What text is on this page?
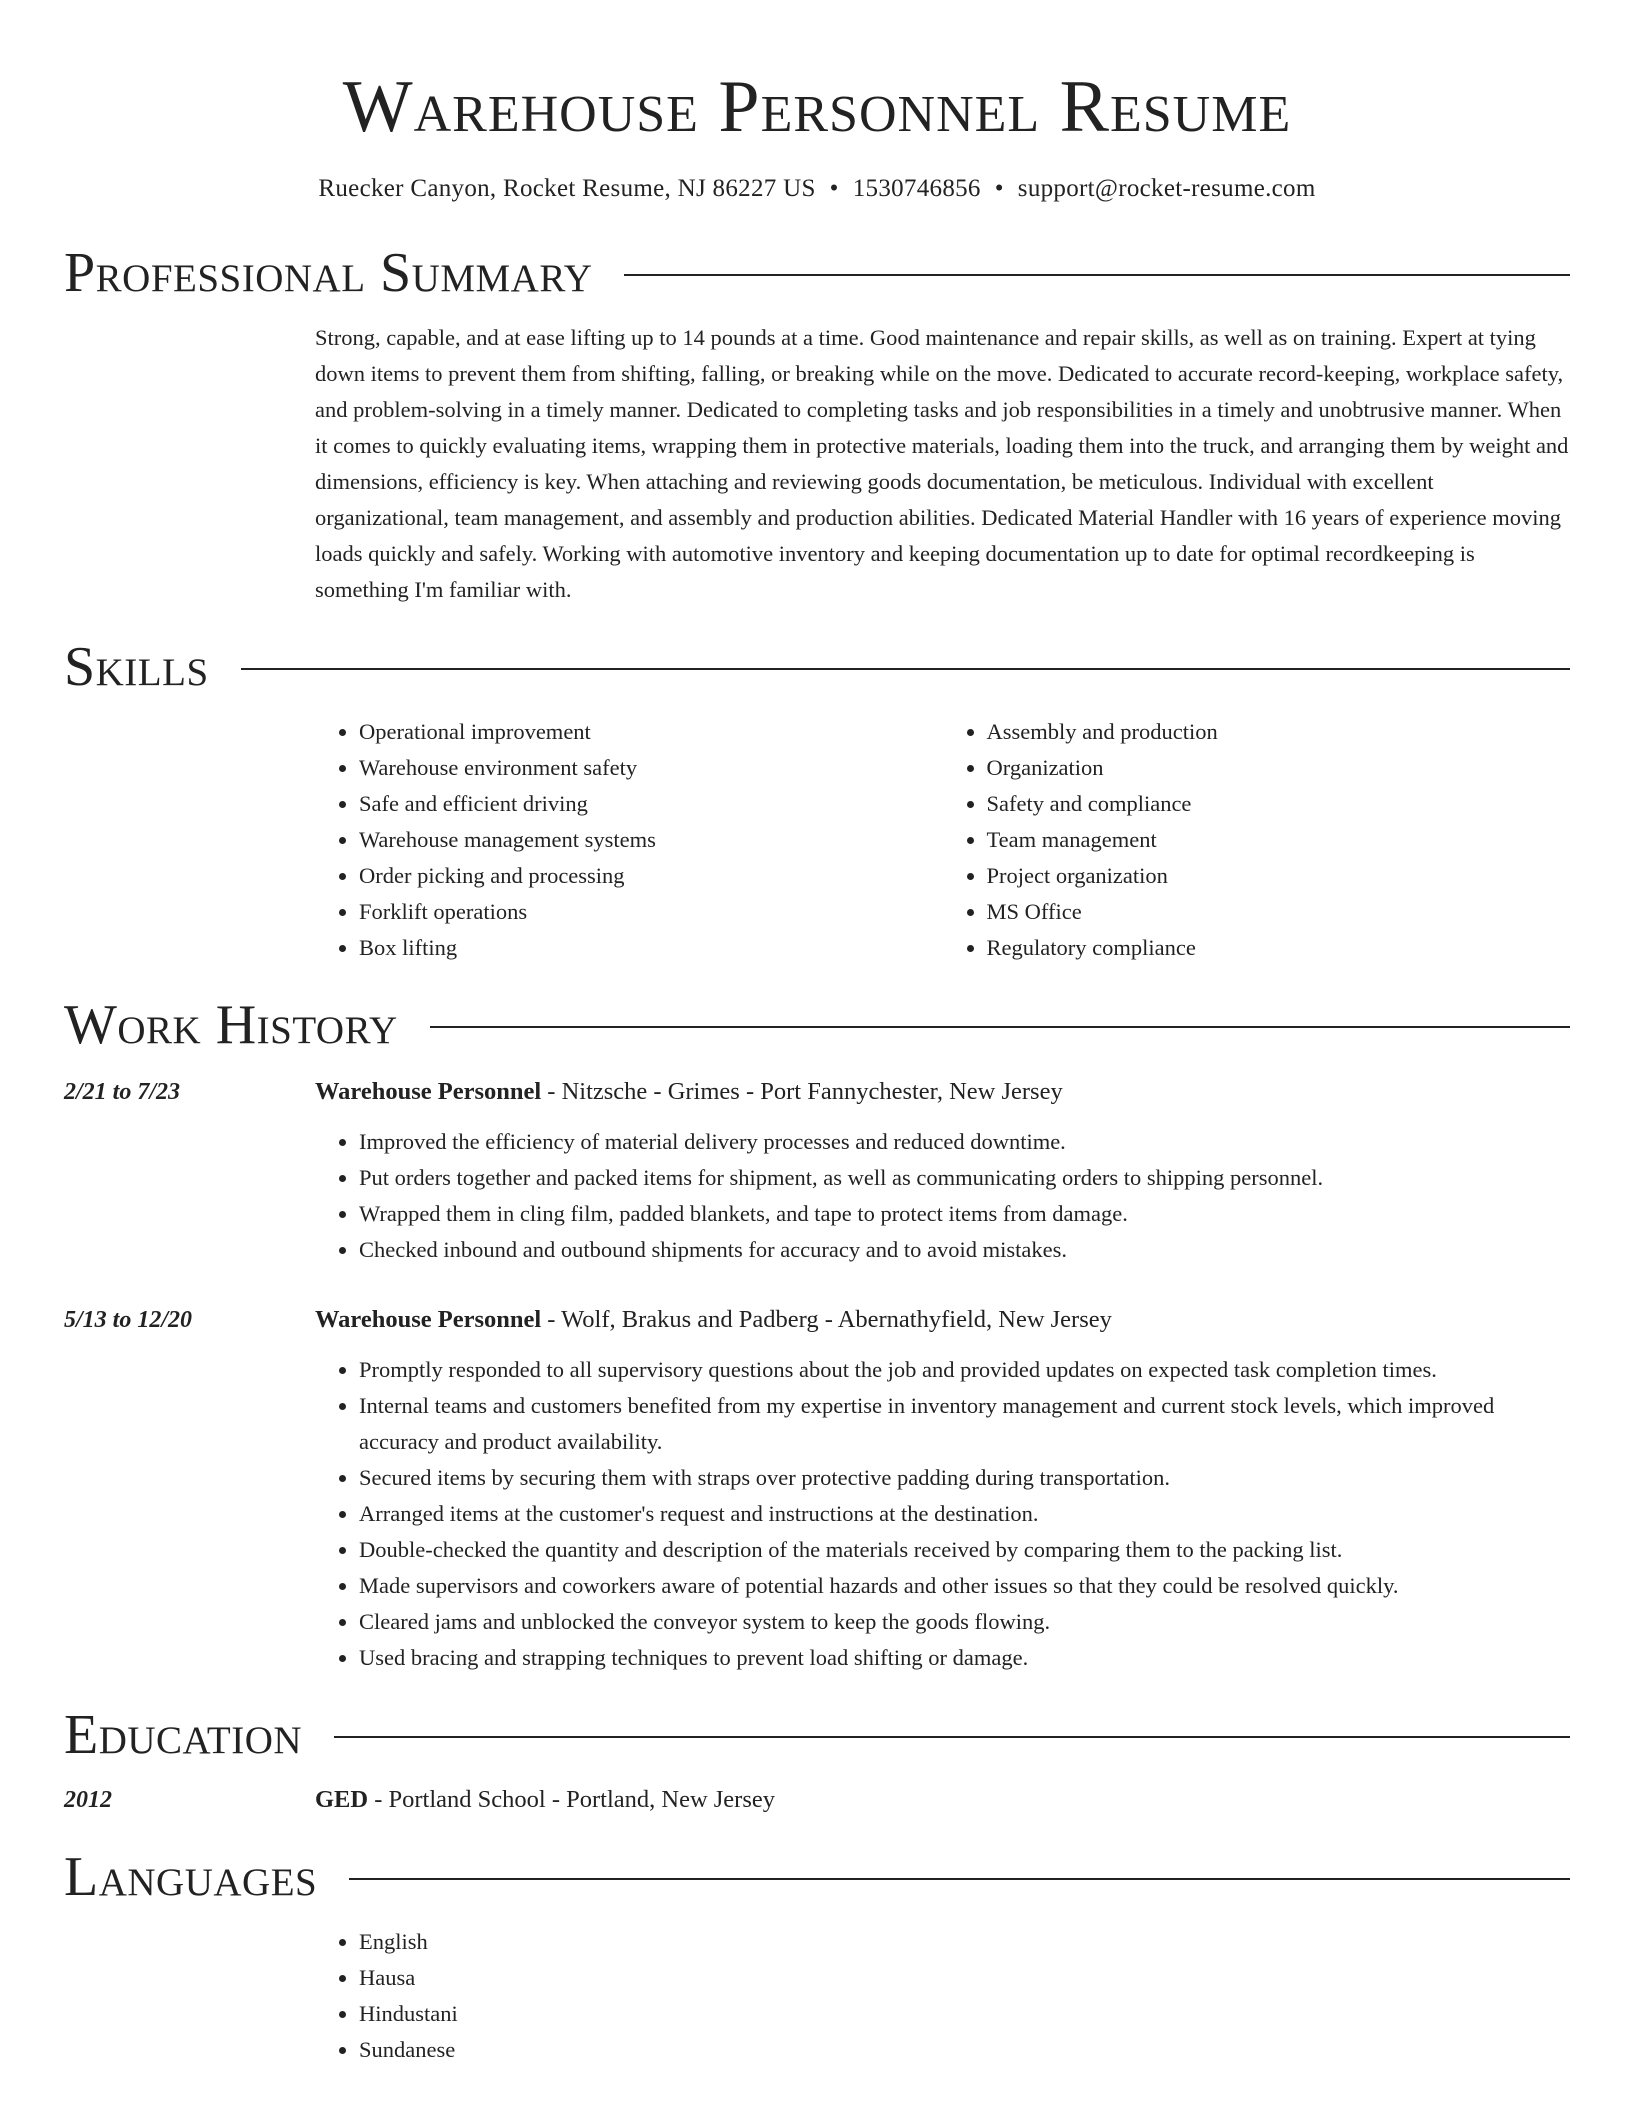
Warehouse Personnel Resume
Ruecker Canyon, Rocket Resume, NJ 86227 US • 1530746856 • support@rocket-resume.com
Professional Summary
Strong, capable, and at ease lifting up to 14 pounds at a time. Good maintenance and repair skills, as well as on training. Expert at tying down items to prevent them from shifting, falling, or breaking while on the move. Dedicated to accurate record-keeping, workplace safety, and problem-solving in a timely manner. Dedicated to completing tasks and job responsibilities in a timely and unobtrusive manner. When it comes to quickly evaluating items, wrapping them in protective materials, loading them into the truck, and arranging them by weight and dimensions, efficiency is key. When attaching and reviewing goods documentation, be meticulous. Individual with excellent organizational, team management, and assembly and production abilities. Dedicated Material Handler with 16 years of experience moving loads quickly and safely. Working with automotive inventory and keeping documentation up to date for optimal recordkeeping is something I'm familiar with.
Skills
• Operational improvement
• Warehouse environment safety
• Safe and efficient driving
• Warehouse management systems
• Order picking and processing
• Forklift operations
• Box lifting
• Assembly and production
• Organization
• Safety and compliance
• Team management
• Project organization
• MS Office
• Regulatory compliance
Work History
2/21 to 7/23	Warehouse Personnel - Nitzsche - Grimes - Port Fannychester, New Jersey
• Improved the efficiency of material delivery processes and reduced downtime.
• Put orders together and packed items for shipment, as well as communicating orders to shipping personnel.
• Wrapped them in cling film, padded blankets, and tape to protect items from damage.
• Checked inbound and outbound shipments for accuracy and to avoid mistakes.
5/13 to 12/20	Warehouse Personnel - Wolf, Brakus and Padberg - Abernathyfield, New Jersey
• Promptly responded to all supervisory questions about the job and provided updates on expected task completion times.
• Internal teams and customers benefited from my expertise in inventory management and current stock levels, which improved accuracy and product availability.
• Secured items by securing them with straps over protective padding during transportation.
• Arranged items at the customer's request and instructions at the destination.
• Double-checked the quantity and description of the materials received by comparing them to the packing list.
• Made supervisors and coworkers aware of potential hazards and other issues so that they could be resolved quickly.
• Cleared jams and unblocked the conveyor system to keep the goods flowing.
• Used bracing and strapping techniques to prevent load shifting or damage.
Education
2012	GED - Portland School - Portland, New Jersey
Languages
• English
• Hausa
• Hindustani
• Sundanese
